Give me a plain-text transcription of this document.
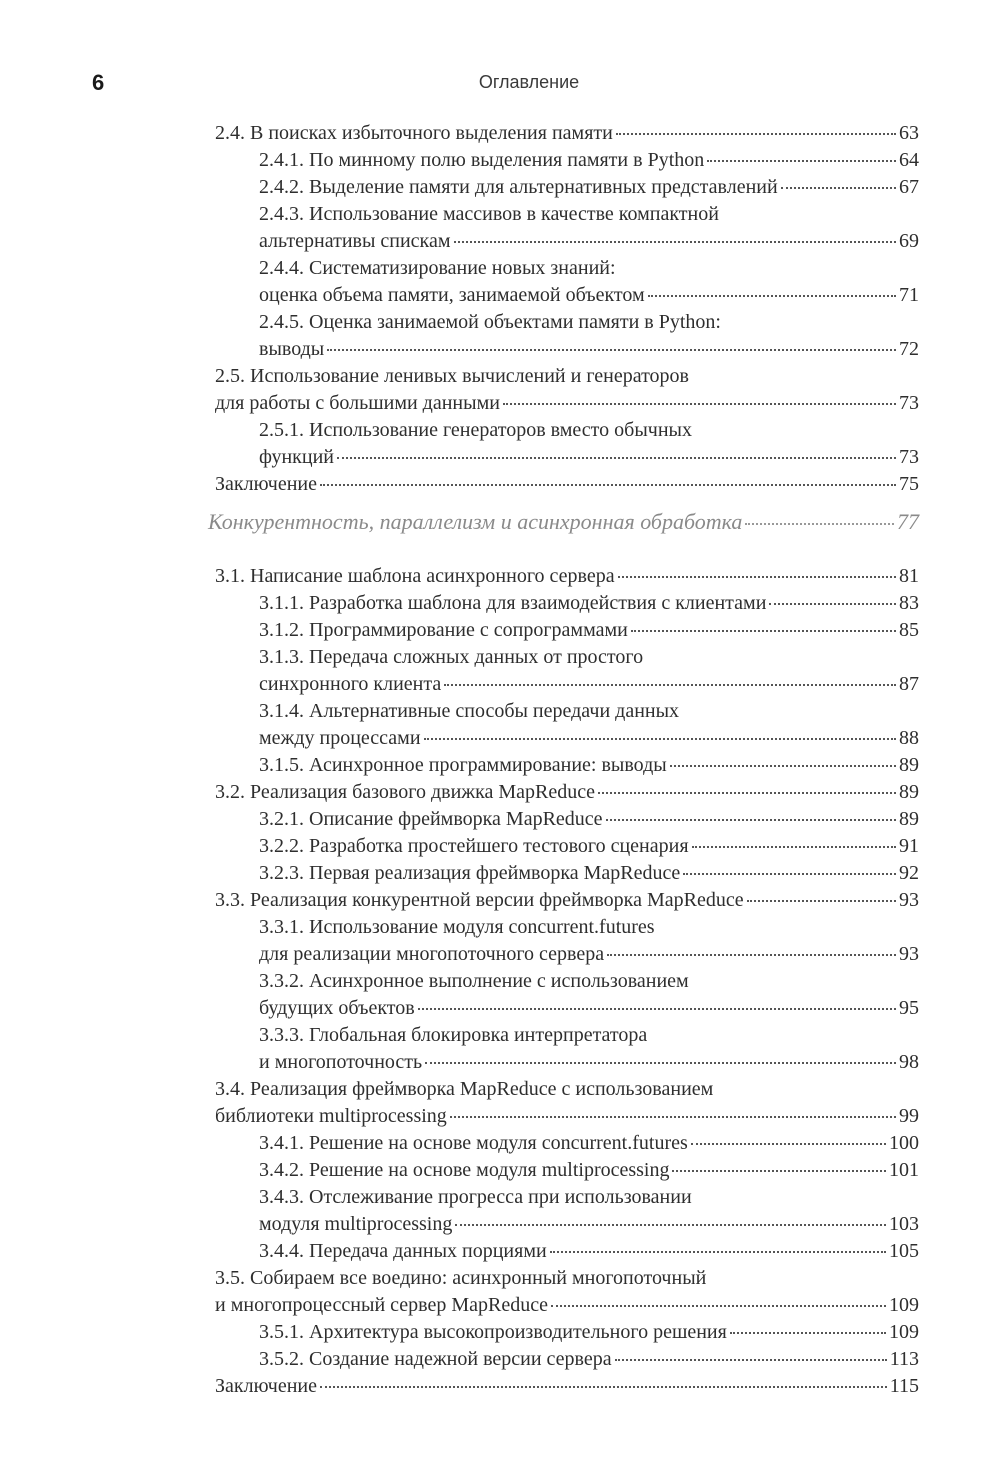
6	Оглавление
2.4. В поисках избыточного выделения памяти	63
2.4.1. По минному полю выделения памяти в Python	64
2.4.2. Выделение памяти для альтернативных представлений	67
2.4.3. Использование массивов в качестве компактной
альтернативы спискам	69
2.4.4. Систематизирование новых знаний:
оценка объема памяти, занимаемой объектом	71
2.4.5. Оценка занимаемой объектами памяти в Python:
выводы	72
2.5. Использование ленивых вычислений и генераторов
для работы с большими данными	73
2.5.1. Использование генераторов вместо обычных
функций	73
Заключение	75
Конкурентность, параллелизм и асинхронная обработка	77
3.1. Написание шаблона асинхронного сервера	81
3.1.1. Разработка шаблона для взаимодействия с клиентами	83
3.1.2. Программирование с сопрограммами	85
3.1.3. Передача сложных данных от простого
синхронного клиента	87
3.1.4. Альтернативные способы передачи данных
между процессами	88
3.1.5. Асинхронное программирование: выводы	89
3.2. Реализация базового движка MapReduce	89
3.2.1. Описание фреймворка MapReduce	89
3.2.2. Разработка простейшего тестового сценария	91
3.2.3. Первая реализация фреймворка MapReduce	92
3.3. Реализация конкурентной версии фреймворка MapReduce	93
3.3.1. Использование модуля concurrent.futures
для реализации многопоточного сервера	93
3.3.2. Асинхронное выполнение с использованием
будущих объектов	95
3.3.3. Глобальная блокировка интерпретатора
и многопоточность	98
3.4. Реализация фреймворка MapReduce с использованием
библиотеки multiprocessing	99
3.4.1. Решение на основе модуля concurrent.futures	100
3.4.2. Решение на основе модуля multiprocessing	101
3.4.3. Отслеживание прогресса при использовании
модуля multiprocessing	103
3.4.4. Передача данных порциями	105
3.5. Собираем все воедино: асинхронный многопоточный
и многопроцессный сервер MapReduce	109
3.5.1. Архитектура высокопроизводительного решения	109
3.5.2. Создание надежной версии сервера	113
Заключение	115
